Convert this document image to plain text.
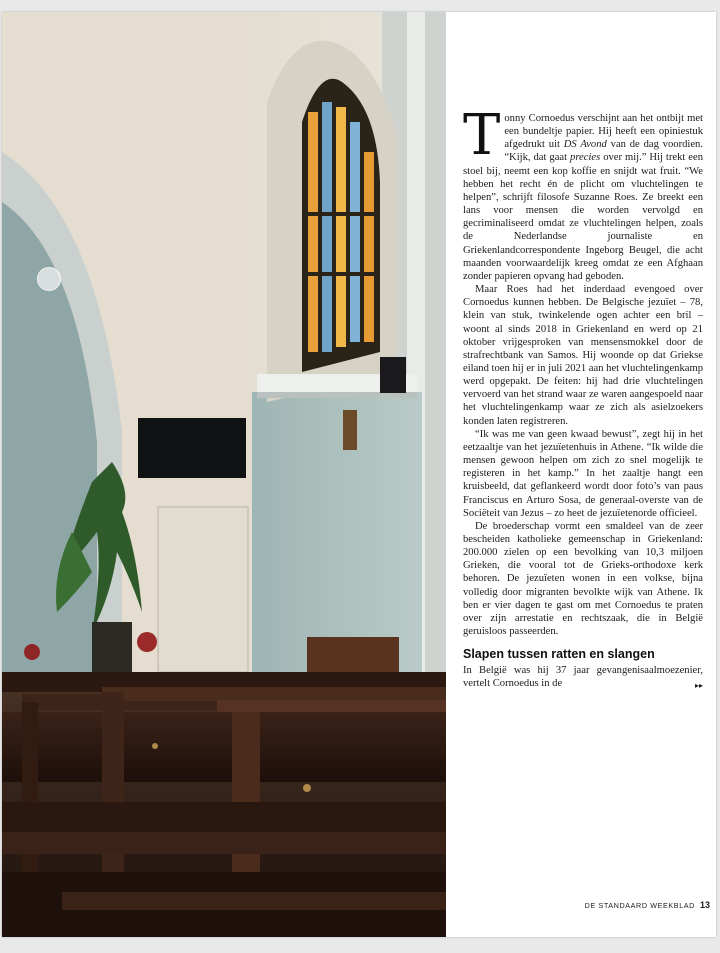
Tonny Cornoedus verschijnt aan het ontbijt met een bundeltje papier. Hij heeft een opiniestuk afgedrukt uit DS Avond van de dag voordien. “Kijk, dat gaat precies over mij.” Hij trekt een stoel bij, neemt een kop koffie en snijdt wat fruit. “We hebben het recht én de plicht om vluchtelingen te helpen”, schrijft filosofe Suzanne Roes. Ze breekt een lans voor mensen die worden vervolgd en gecriminaliseerd omdat ze vluchtelingen helpen, zoals de Nederlandse journaliste en Griekenlandcorrespondente Ingeborg Beugel, die acht maanden voorwaardelijk kreeg omdat ze een Afghaan zonder papieren opvang had geboden.

Maar Roes had het inderdaad evengoed over Cornoedus kunnen hebben. De Belgische jezuïet – 78, klein van stuk, twinkelende ogen achter een bril – woont al sinds 2018 in Griekenland en werd op 21 oktober vrijgesproken van mensensmokkel door de strafrechtbank van Samos. Hij woonde op dat Griekse eiland toen hij er in juli 2021 aan het vluchtelingenkamp werd opgepakt. De feiten: hij had drie vluchtelingen vervoerd van het strand waar ze waren aangespoeld naar het vluchtelingenkamp waar ze zich als asielzoekers konden laten registreren.

“Ik was me van geen kwaad bewust”, zegt hij in het eetzaaltje van het jezuïetenhuis in Athene. “Ik wilde die mensen gewoon helpen om zich zo snel mogelijk te registeren in het kamp.” In het zaaltje hangt een kruisbeeld, dat geflankeerd wordt door foto’s van paus Franciscus en Arturo Sosa, de generaal-overste van de Sociëteit van Jezus – zo heet de jezuïetenorde officieel.

De broederschap vormt een smaldeel van de zeer bescheiden katholieke gemeenschap in Griekenland: 200.000 zielen op een bevolking van 10,3 miljoen Grieken, die vooral tot de Grieks-orthodoxe kerk behoren. De jezuïeten wonen in een volkse, bijna volledig door migranten bevolkte wijk van Athene. Ik ben er vier dagen te gast om met Cornoedus te praten over zijn arrestatie en rechtszaak, die in België geruisloos passeerden.

Slapen tussen ratten en slangen

In België was hij 37 jaar gevangenisaalmoezenier, vertelt Cornoedus in de	▸▸

DE STANDAARD WEEKBLAD 13
